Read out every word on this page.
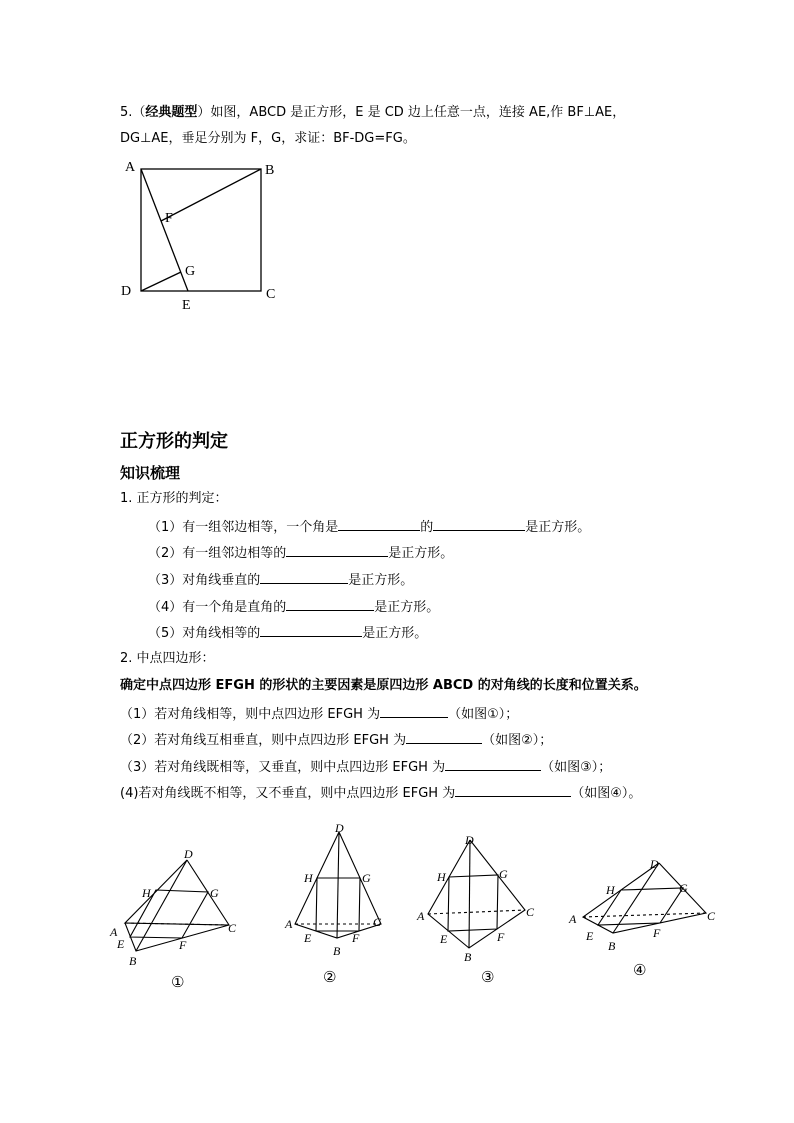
5.（经典题型）如图，ABCD 是正方形，E 是 CD 边上任意一点，连接 AE,作 BF⊥AE，
DG⊥AE，垂足分别为 F，G，求证：BF-DG=FG。
A	B
C
D
E
F
G
正方形的判定
知识梳理
1. 正方形的判定：
（1）有一组邻边相等，一个角是	的	是正方形。
（2）有一组邻边相等的	是正方形。
（3）对角线垂直的	是正方形。
（4）有一个角是直角的	是正方形。
（5）对角线相等的	是正方形。
2. 中点四边形：
确定中点四边形 EFGH 的形状的主要因素是原四边形 ABCD 的对角线的长度和位置关系。
（1）若对角线相等，则中点四边形 EFGH 为	（如图①）；
（2）若对角线互相垂直，则中点四边形 EFGH 为	（如图②）；
（3）若对角线既相等，又垂直，则中点四边形 EFGH 为	（如图③）；
(4)若对角线既不相等，又不垂直，则中点四边形 EFGH 为	（如图④）。
D
H	G
A	C
E	F
B
①
D
H	G
A	C
E	F
B
②
D
H	G
A	C
E	F
B
③
D
H	G
A	C
E	F
B
④
